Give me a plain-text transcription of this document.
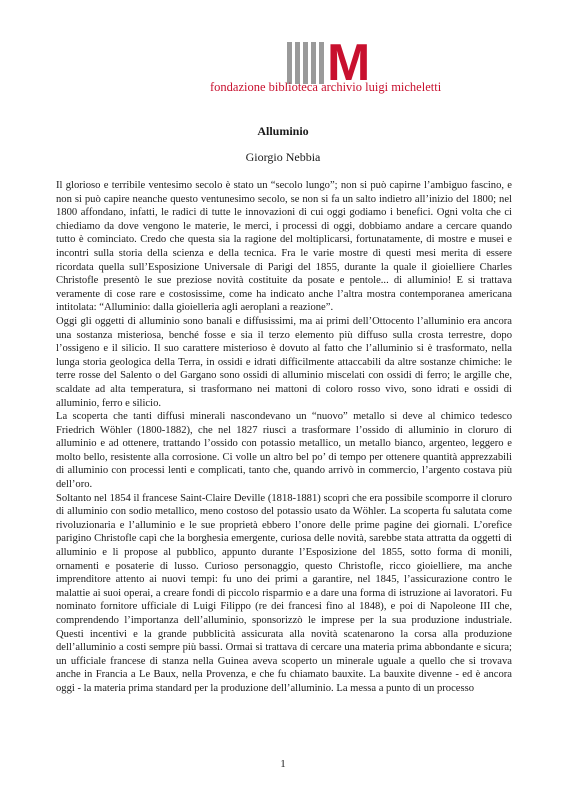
M
fondazione biblioteca archivio luigi micheletti
Alluminio
Giorgio Nebbia

Il glorioso e terribile ventesimo secolo è stato un “secolo lungo”; non si può capirne l’ambiguo fascino, e non si può capire neanche questo ventunesimo secolo, se non si fa un salto indietro all’inizio del 1800; nel 1800 affondano, infatti, le radici di tutte le innovazioni di cui oggi godiamo i benefici. Ogni volta che ci chiediamo da dove vengono le materie, le merci, i processi di oggi, dobbiamo andare a cercare quando tutto è cominciato. Credo che questa sia la ragione del moltiplicarsi, fortunatamente, di mostre e musei e incontri sulla storia della scienza e della tecnica. Fra le varie mostre di questi mesi merita di essere ricordata quella sull’Esposizione Universale di Parigi del 1855, durante la quale il gioielliere Charles Christofle presentò le sue preziose novità costituite da posate e pentole... di alluminio! E si trattava veramente di cose rare e costosissime, come ha indicato anche l’altra mostra contemporanea americana intitolata: “Alluminio: dalla gioielleria agli aeroplani a reazione”.

Oggi gli oggetti di alluminio sono banali e diffusissimi, ma ai primi dell’Ottocento l’alluminio era ancora una sostanza misteriosa, benché fosse e sia il terzo elemento più diffuso sulla crosta terrestre, dopo l’ossigeno e il silicio. Il suo carattere misterioso è dovuto al fatto che l’alluminio si è trasformato, nella lunga storia geologica della Terra, in ossidi e idrati difficilmente attaccabili da altre sostanze chimiche: le terre rosse del Salento o del Gargano sono ossidi di alluminio miscelati con ossidi di ferro; le argille che, scaldate ad alta temperatura, si trasformano nei mattoni di coloro rosso vivo, sono idrati e ossidi di alluminio, ferro e silicio.

La scoperta che tanti diffusi minerali nascondevano un “nuovo” metallo si deve al chimico tedesco Friedrich Wöhler (1800-1882), che nel 1827 riuscì a trasformare l’ossido di alluminio in cloruro di alluminio e ad ottenere, trattando l’ossido con potassio metallico, un metallo bianco, argenteo, leggero e molto bello, resistente alla corrosione. Ci volle un altro bel po’ di tempo per ottenere quantità apprezzabili di alluminio con processi lenti e complicati, tanto che, quando arrivò in commercio, l’argento costava più dell’oro.

Soltanto nel 1854 il francese Saint-Claire Deville (1818-1881) scoprì che era possibile scomporre il cloruro di alluminio con sodio metallico, meno costoso del potassio usato da Wöhler. La scoperta fu salutata come rivoluzionaria e l’alluminio e le sue proprietà ebbero l’onore delle prime pagine dei giornali. L’orefice parigino Christofle capì che la borghesia emergente, curiosa delle novità, sarebbe stata attratta da oggetti di alluminio e li propose al pubblico, appunto durante l’Esposizione del 1855, sotto forma di monili, ornamenti e posaterie di lusso. Curioso personaggio, questo Christofle, ricco gioielliere, ma anche imprenditore attento ai nuovi tempi: fu uno dei primi a garantire, nel 1845, l’assicurazione contro le malattie ai suoi operai, a creare fondi di piccolo risparmio e a dare una forma di istruzione ai lavoratori. Fu nominato fornitore ufficiale di Luigi Filippo (re dei francesi fino al 1848), e poi di Napoleone III che, comprendendo l’importanza dell’alluminio, sponsorizzò le imprese per la sua produzione industriale. Questi incentivi e la grande pubblicità assicurata alla novità scatenarono la corsa alla produzione dell’alluminio a costi sempre più bassi. Ormai si trattava di cercare una materia prima abbondante e sicura; un ufficiale francese di stanza nella Guinea aveva scoperto un minerale uguale a quello che si trovava anche in Francia a Le Baux, nella Provenza, e che fu chiamato bauxite. La bauxite divenne - ed è ancora oggi - la materia prima standard per la produzione dell’alluminio. La messa a punto di un processo

1
